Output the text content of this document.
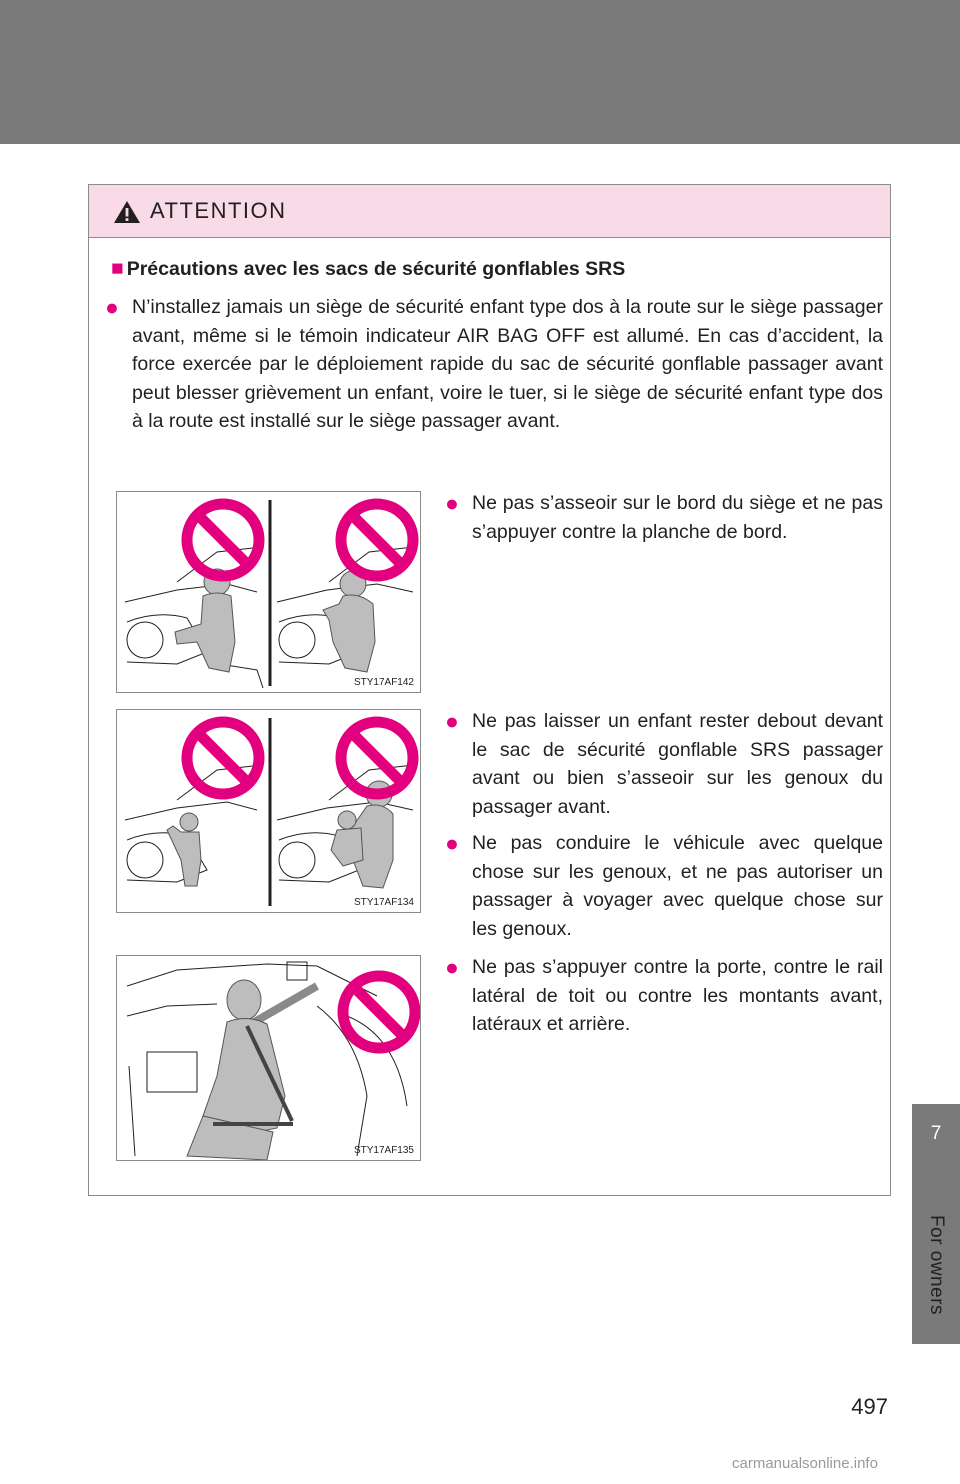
7
For owners
497
carmanualsonline.info
ATTENTION
■ Précautions avec les sacs de sécurité gonflables SRS
● N’installez jamais un siège de sécurité enfant type dos à la route sur le siège passager avant, même si le témoin indicateur AIR BAG OFF est allumé. En cas d’accident, la force exercée par le déploiement rapide du sac de sécurité gonflable passager avant peut blesser grièvement un enfant, voire le tuer, si le siège de sécurité enfant type dos à la route est installé sur le siège passager avant.
STY17AF142
● Ne pas s’asseoir sur le bord du siège et ne pas s’appuyer contre la planche de bord.
STY17AF134
● Ne pas laisser un enfant rester debout devant le sac de sécurité gonflable SRS passager avant ou bien s’asseoir sur les genoux du passager avant.
● Ne pas conduire le véhicule avec quelque chose sur les genoux, et ne pas autoriser un passager à voyager avec quelque chose sur les genoux.
STY17AF135
● Ne pas s’appuyer contre la porte, contre le rail latéral de toit ou contre les montants avant, latéraux et arrière.
